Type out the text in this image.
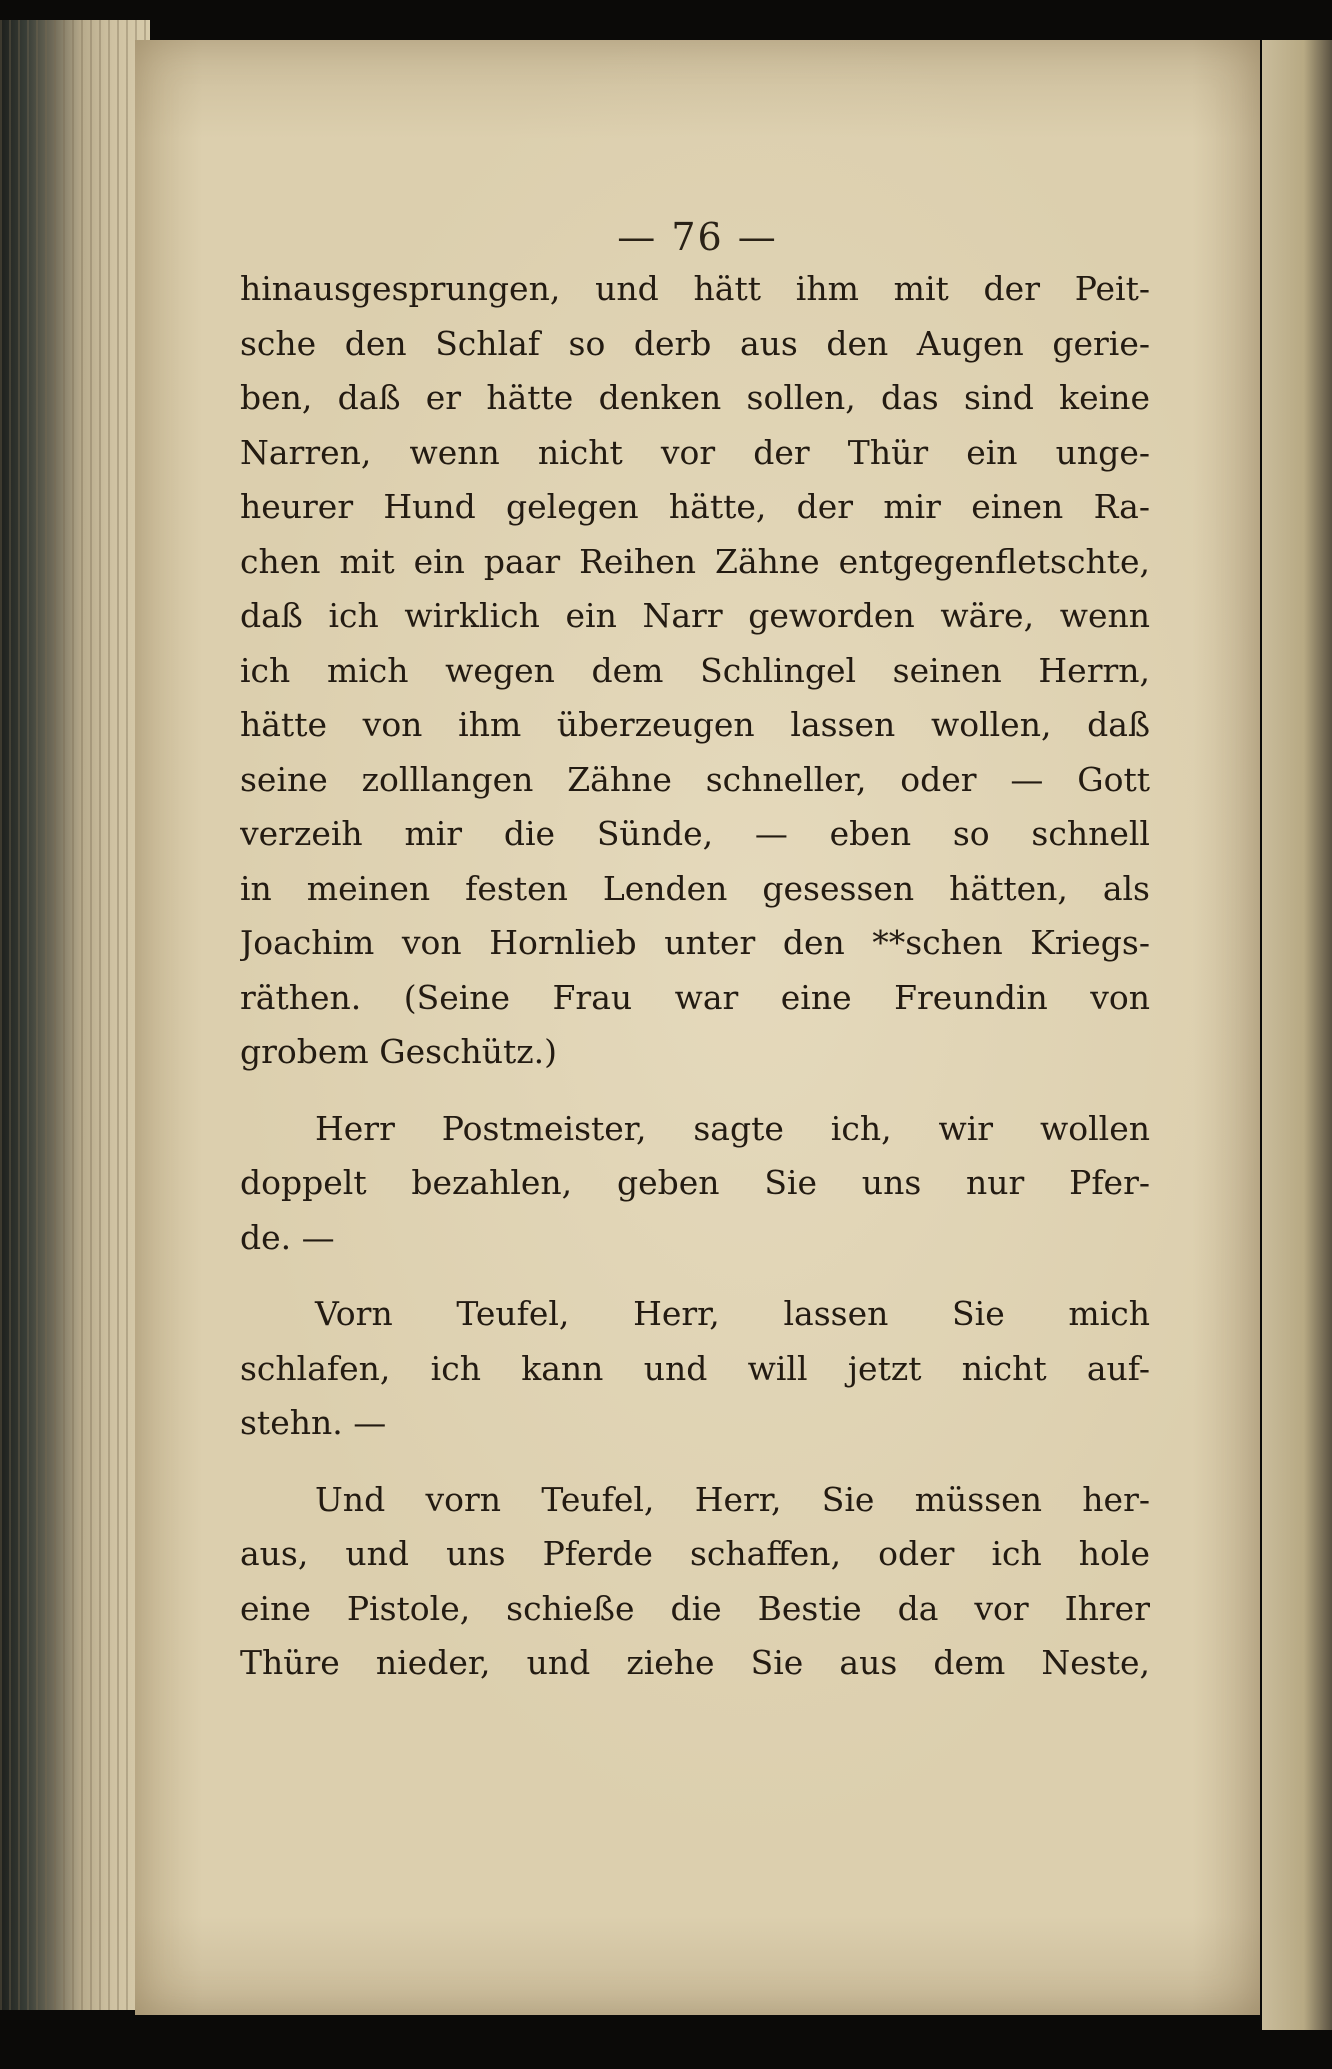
— 76 —
hinausgesprungen, und hätt ihm mit der Peit-
sche den Schlaf so derb aus den Augen gerie-
ben, daß er hätte denken sollen, das sind keine
Narren, wenn nicht vor der Thür ein unge-
heurer Hund gelegen hätte, der mir einen Ra-
chen mit ein paar Reihen Zähne entgegenfletschte,
daß ich wirklich ein Narr geworden wäre, wenn
ich mich wegen dem Schlingel seinen Herrn,
hätte von ihm überzeugen lassen wollen, daß
seine zolllangen Zähne schneller, oder — Gott
verzeih mir die Sünde, — eben so schnell
in meinen festen Lenden gesessen hätten, als
Joachim von Hornlieb unter den **schen Kriegs-
räthen. (Seine Frau war eine Freundin von
grobem Geschütz.)
Herr Postmeister, sagte ich, wir wollen
doppelt bezahlen, geben Sie uns nur Pfer-
de. —
Vorn Teufel, Herr, lassen Sie mich
schlafen, ich kann und will jetzt nicht auf-
stehn. —
Und vorn Teufel, Herr, Sie müssen her-
aus, und uns Pferde schaffen, oder ich hole
eine Pistole, schieße die Bestie da vor Ihrer
Thüre nieder, und ziehe Sie aus dem Neste,
